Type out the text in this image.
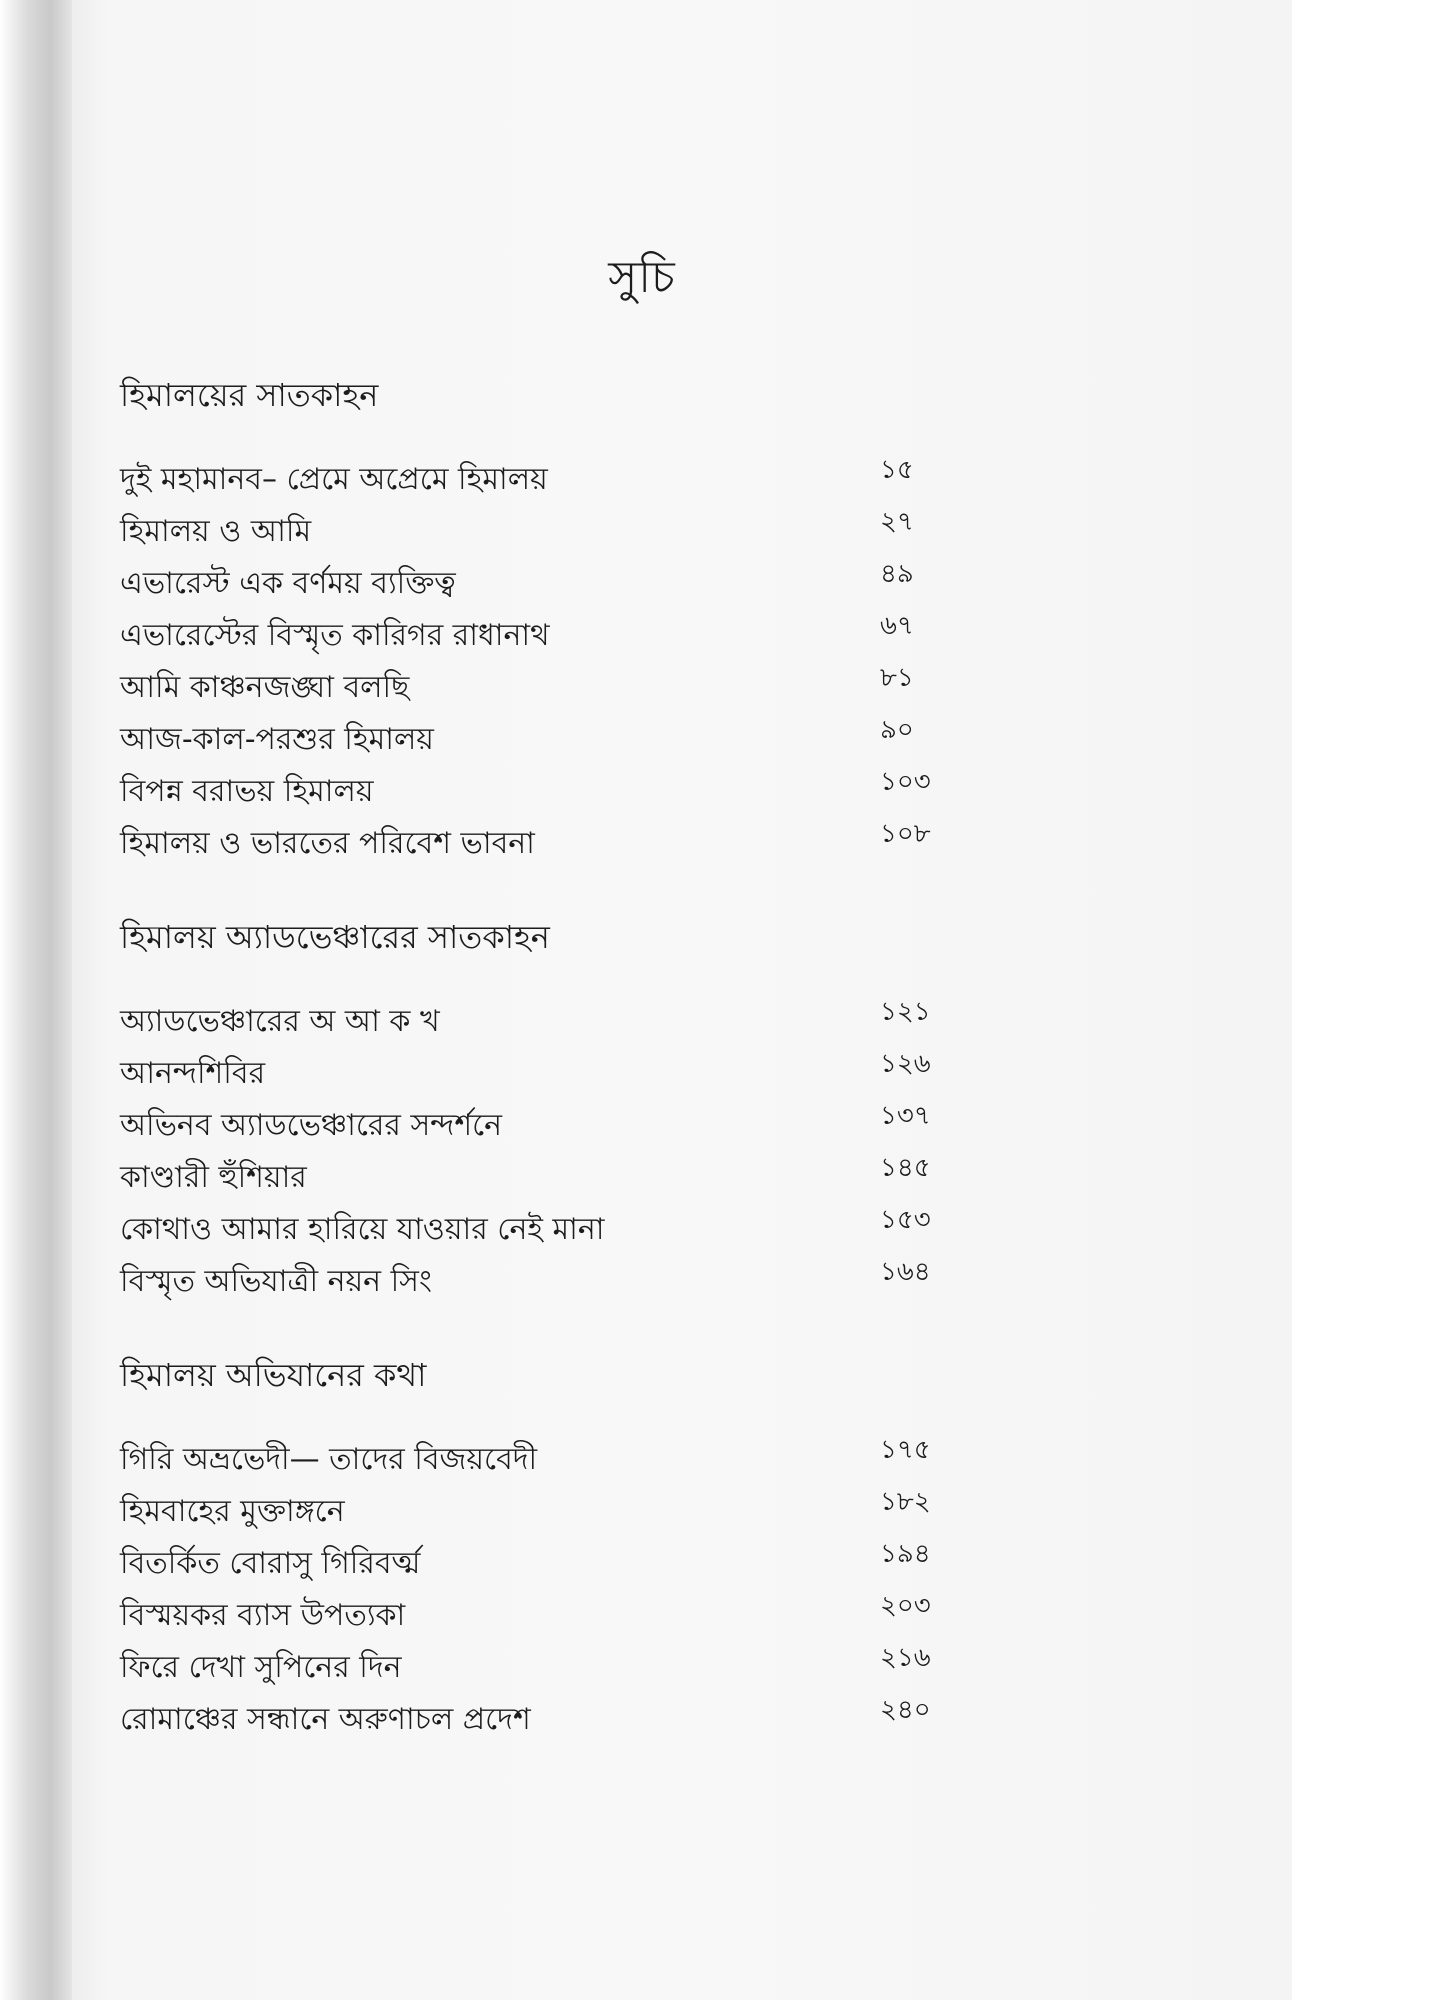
সুচি
হিমালয়ের সাতকাহন
দুই মহামানব– প্রেমে অপ্রেমে হিমালয়	১৫
হিমালয় ও আমি	২৭
এভারেস্ট এক বর্ণময় ব্যক্তিত্ব	৪৯
এভারেস্টের বিস্মৃত কারিগর রাধানাথ	৬৭
আমি কাঞ্চনজঙ্ঘা বলছি	৮১
আজ-কাল-পরশুর হিমালয়	৯০
বিপন্ন বরাভয় হিমালয়	১০৩
হিমালয় ও ভারতের পরিবেশ ভাবনা	১০৮
হিমালয় অ্যাডভেঞ্চারের সাতকাহন
অ্যাডভেঞ্চারের অ আ ক খ	১২১
আনন্দশিবির	১২৬
অভিনব অ্যাডভেঞ্চারের সন্দর্শনে	১৩৭
কাণ্ডারী হুঁশিয়ার	১৪৫
কোথাও আমার হারিয়ে যাওয়ার নেই মানা	১৫৩
বিস্মৃত অভিযাত্রী নয়ন সিং	১৬৪
হিমালয় অভিযানের কথা
গিরি অভ্রভেদী— তাদের বিজয়বেদী	১৭৫
হিমবাহের মুক্তাঙ্গনে	১৮২
বিতর্কিত বোরাসু গিরিবর্ত্ম	১৯৪
বিস্ময়কর ব্যাস উপত্যকা	২০৩
ফিরে দেখা সুপিনের দিন	২১৬
রোমাঞ্চের সন্ধানে অরুণাচল প্রদেশ	২৪০
